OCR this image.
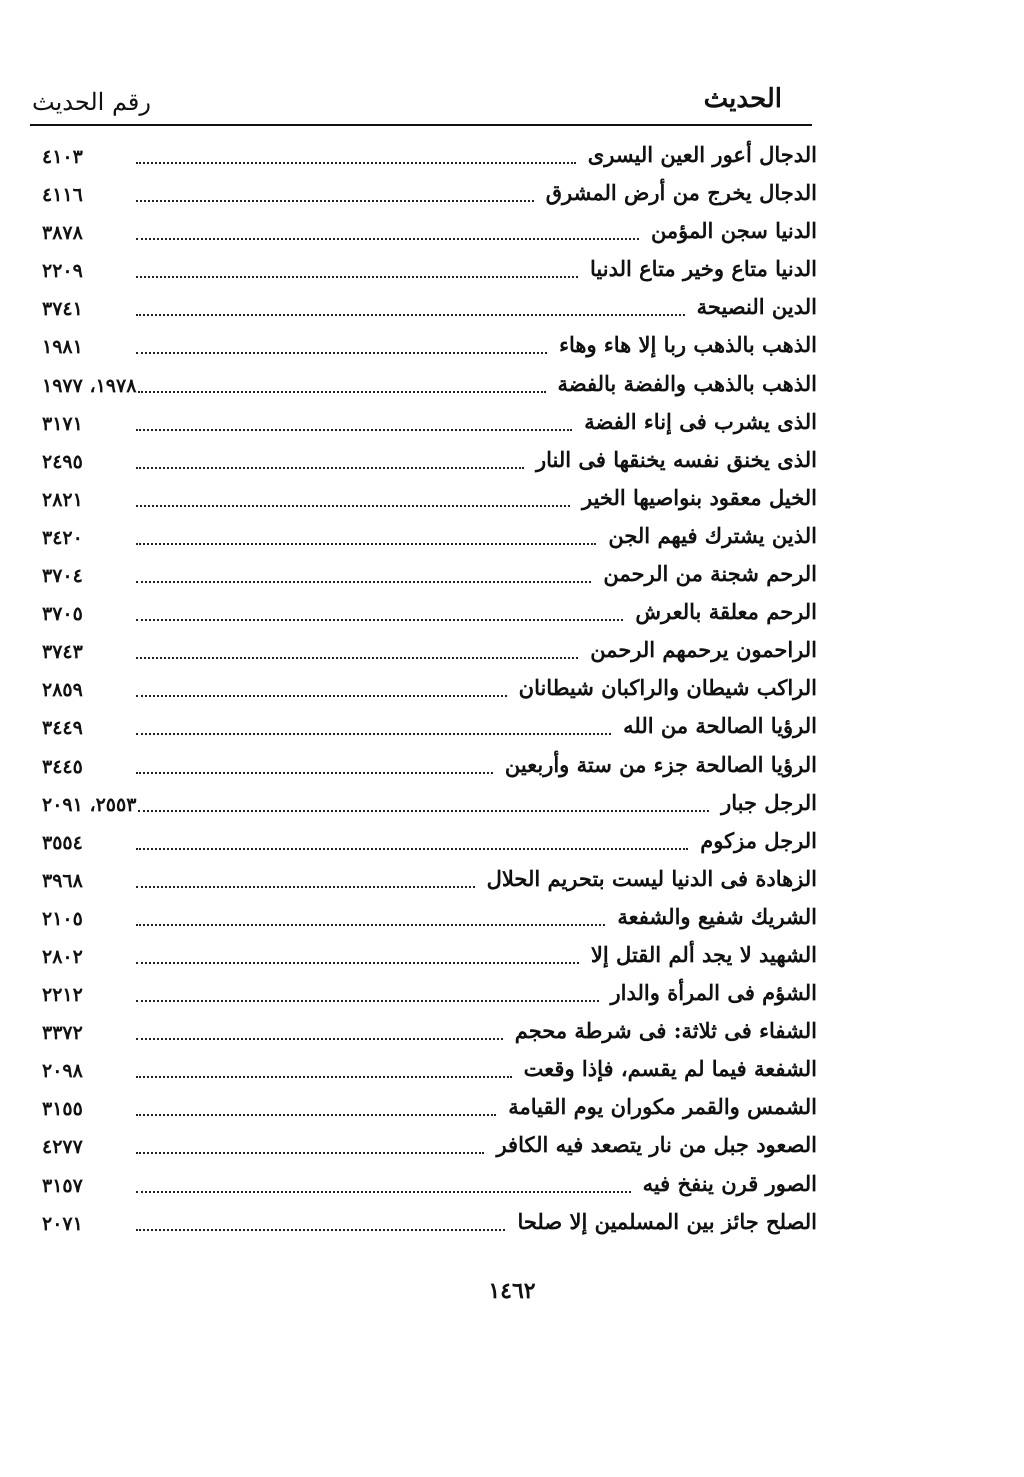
رقم الحديث	الحديث
٤١٠٣	الدجال أعور العين اليسرى
٤١١٦	الدجال يخرج من أرض المشرق
٣٨٧٨	الدنيا سجن المؤمن
٢٢٠٩	الدنيا متاع وخير متاع الدنيا
٣٧٤١	الدين النصيحة
١٩٨١	الذهب بالذهب ربا إلا هاء وهاء
١٩٧٨، ١٩٧٧	الذهب بالذهب والفضة بالفضة
٣١٧١	الذى يشرب فى إناء الفضة
٢٤٩٥	الذى يخنق نفسه يخنقها فى النار
٢٨٢١	الخيل معقود بنواصيها الخير
٣٤٢٠	الذين يشترك فيهم الجن
٣٧٠٤	الرحم شجنة من الرحمن
٣٧٠٥	الرحم معلقة بالعرش
٣٧٤٣	الراحمون يرحمهم الرحمن
٢٨٥٩	الراكب شيطان والراكبان شيطانان
٣٤٤٩	الرؤيا الصالحة من الله
٣٤٤٥	الرؤيا الصالحة جزء من ستة وأربعين
٢٥٥٣، ٢٠٩١	الرجل جبار
٣٥٥٤	الرجل مزكوم
٣٩٦٨	الزهادة فى الدنيا ليست بتحريم الحلال
٢١٠٥	الشريك شفيع والشفعة
٢٨٠٢	الشهيد لا يجد ألم القتل إلا
٢٢١٢	الشؤم فى المرأة والدار
٣٣٧٢	الشفاء فى ثلاثة: فى شرطة محجم
٢٠٩٨	الشفعة فيما لم يقسم، فإذا وقعت
٣١٥٥	الشمس والقمر مكوران يوم القيامة
٤٢٧٧	الصعود جبل من نار يتصعد فيه الكافر
٣١٥٧	الصور قرن ينفخ فيه
٢٠٧١	الصلح جائز بين المسلمين إلا صلحا
١٤٦٢
